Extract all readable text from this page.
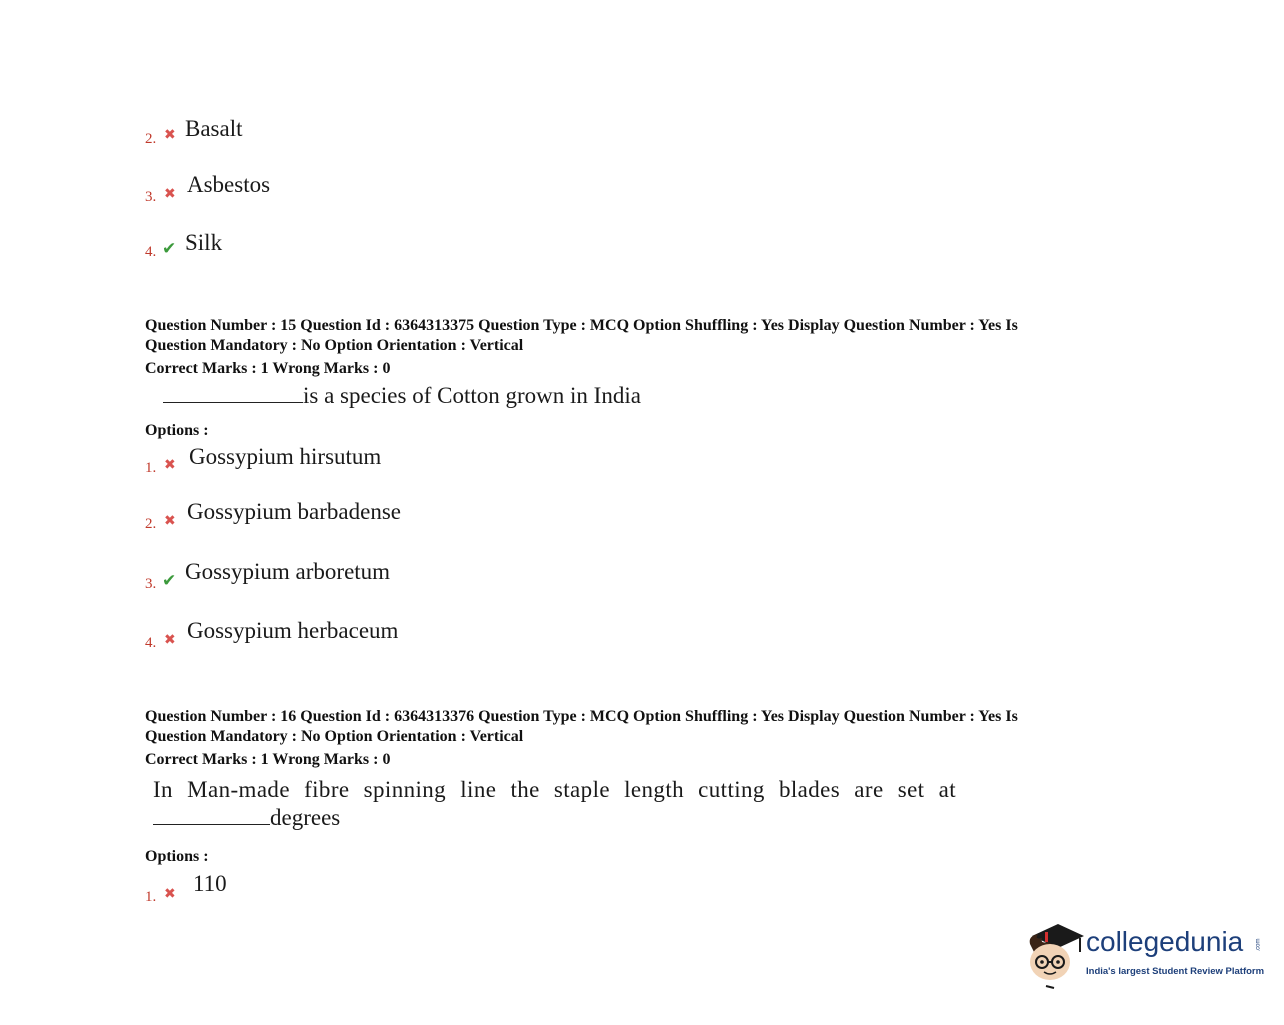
2. ✖ Basalt
3. ✖ Asbestos
4. ✔ Silk
Question Number : 15 Question Id : 6364313375 Question Type : MCQ Option Shuffling : Yes Display Question Number : Yes Is
Question Mandatory : No Option Orientation : Vertical
Correct Marks : 1 Wrong Marks : 0
is a species of Cotton grown in India
Options :
1. ✖ Gossypium hirsutum
2. ✖ Gossypium barbadense
3. ✔ Gossypium arboretum
4. ✖ Gossypium herbaceum
Question Number : 16 Question Id : 6364313376 Question Type : MCQ Option Shuffling : Yes Display Question Number : Yes Is
Question Mandatory : No Option Orientation : Vertical
Correct Marks : 1 Wrong Marks : 0
In Man-made fibre spinning line the staple length cutting blades are set at
degrees
Options :
1. ✖ 110
collegedunia .com
India's largest Student Review Platform
